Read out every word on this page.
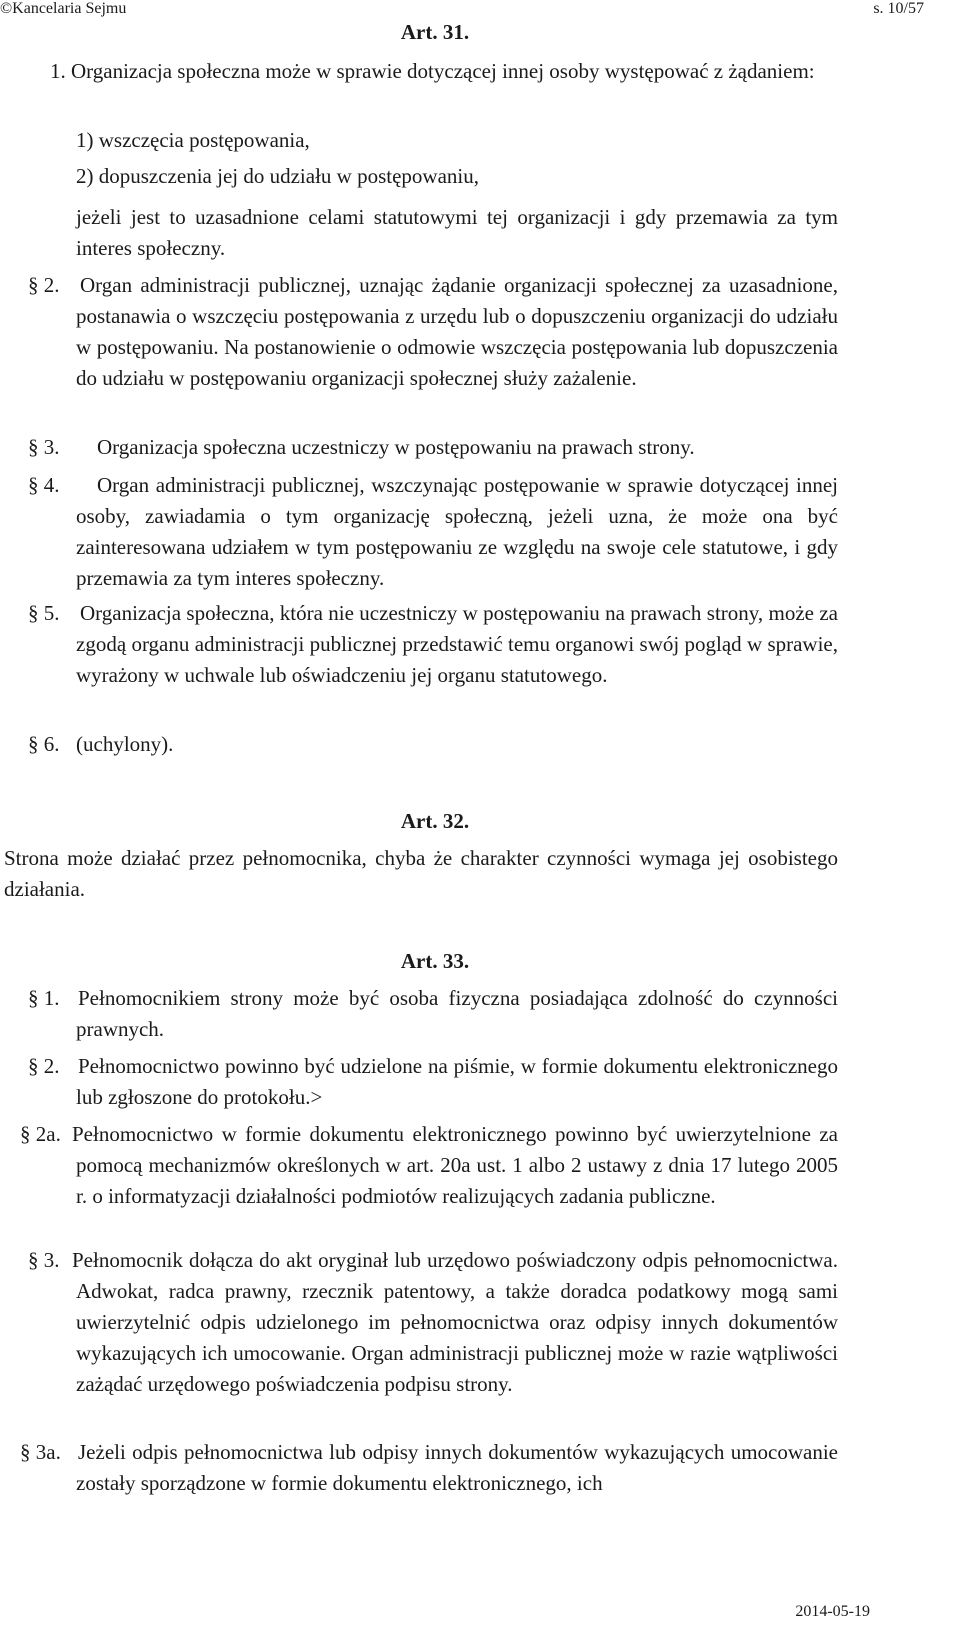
©Kancelaria Sejmu	s. 10/57
Art. 31.
1. Organizacja społeczna może w sprawie dotyczącej innej osoby występować z żądaniem:
1) wszczęcia postępowania,
2) dopuszczenia jej do udziału w postępowaniu,
jeżeli jest to uzasadnione celami statutowymi tej organizacji i gdy przemawia za tym interes społeczny.
§ 2. Organ administracji publicznej, uznając żądanie organizacji społecznej za uzasadnione, postanawia o wszczęciu postępowania z urzędu lub o dopuszczeniu organizacji do udziału w postępowaniu. Na postanowienie o odmowie wszczęcia postępowania lub dopuszczenia do udziału w postępowaniu organizacji społecznej służy zażalenie.
§ 3. Organizacja społeczna uczestniczy w postępowaniu na prawach strony.
§ 4.	Organ administracji publicznej, wszczynając postępowanie w sprawie dotyczącej innej osoby, zawiadamia o tym organizację społeczną, jeżeli uzna, że może ona być zainteresowana udziałem w tym postępowaniu ze względu na swoje cele statutowe, i gdy przemawia za tym interes społeczny.
§ 5. Organizacja społeczna, która nie uczestniczy w postępowaniu na prawach strony, może za zgodą organu administracji publicznej przedstawić temu organowi swój pogląd w sprawie, wyrażony w uchwale lub oświadczeniu jej organu statutowego.
§ 6. (uchylony).
Art. 32.
Strona może działać przez pełnomocnika, chyba że charakter czynności wymaga jej osobistego działania.
Art. 33.
§ 1. Pełnomocnikiem strony może być osoba fizyczna posiadająca zdolność do czynności prawnych.
§ 2. Pełnomocnictwo powinno być udzielone na piśmie, w formie dokumentu elektronicznego lub zgłoszone do protokołu.>
§ 2a. Pełnomocnictwo w formie dokumentu elektronicznego powinno być uwierzytelnione za pomocą mechanizmów określonych w art. 20a ust. 1 albo 2 ustawy z dnia 17 lutego 2005 r. o informatyzacji działalności podmiotów realizujących zadania publiczne.
§ 3. Pełnomocnik dołącza do akt oryginał lub urzędowo poświadczony odpis pełnomocnictwa. Adwokat, radca prawny, rzecznik patentowy, a także doradca podatkowy mogą sami uwierzytelnić odpis udzielonego im pełnomocnictwa oraz odpisy innych dokumentów wykazujących ich umocowanie. Organ administracji publicznej może w razie wątpliwości zażądać urzędowego poświadczenia podpisu strony.
§ 3a. Jeżeli odpis pełnomocnictwa lub odpisy innych dokumentów wykazujących umocowanie zostały sporządzone w formie dokumentu elektronicznego, ich
2014-05-19
